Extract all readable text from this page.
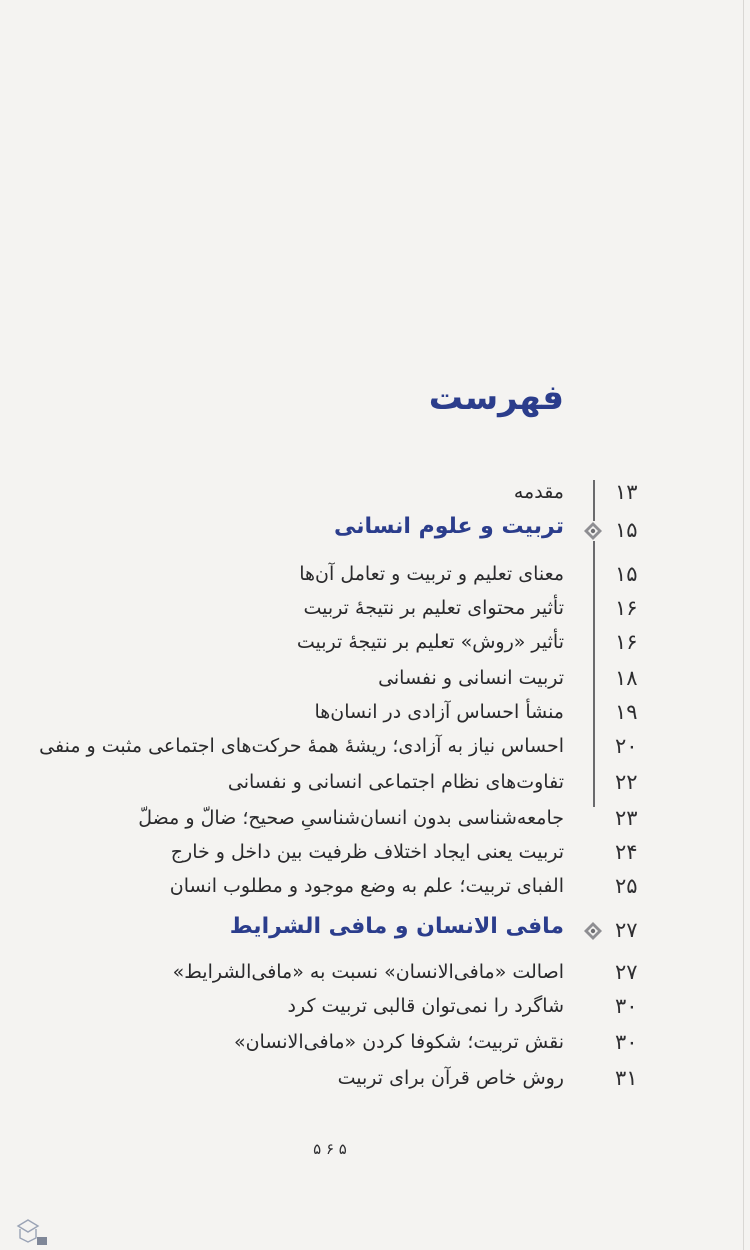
فهرست
۱۳
مقدمه
۱۵
تربیت و علوم انسانی
۱۵
معنای تعلیم و تربیت و تعامل آن‌ها
۱۶
تأثیر محتوای تعلیم بر نتیجهٔ تربیت
۱۶
تأثیر «روش» تعلیم بر نتیجهٔ تربیت
۱۸
تربیت انسانی و نفسانی
۱۹
منشأ احساس آزادی در انسان‌ها
۲۰
احساس نیاز به آزادی؛ ریشهٔ همهٔ حرکت‌های اجتماعی مثبت و منفی
۲۲
تفاوت‌های نظام اجتماعی انسانی و نفسانی
۲۳
جامعه‌شناسی بدون انسان‌شناسیِ صحیح؛ ضالّ و مضلّ
۲۴
تربیت یعنی ایجاد اختلاف ظرفیت بین داخل و خارج
۲۵
الفبای تربیت؛ علم به وضع موجود و مطلوب انسان
۲۷
مافی الانسان و مافی الشرایط
۲۷
اصالت «مافی‌الانسان» نسبت به «مافی‌الشرایط»
۳۰
شاگرد را نمی‌توان قالبی تربیت کرد
۳۰
نقش تربیت؛ شکوفا کردن «مافی‌الانسان»
۳۱
روش خاص قرآن برای تربیت
۵ ۶ ۵
